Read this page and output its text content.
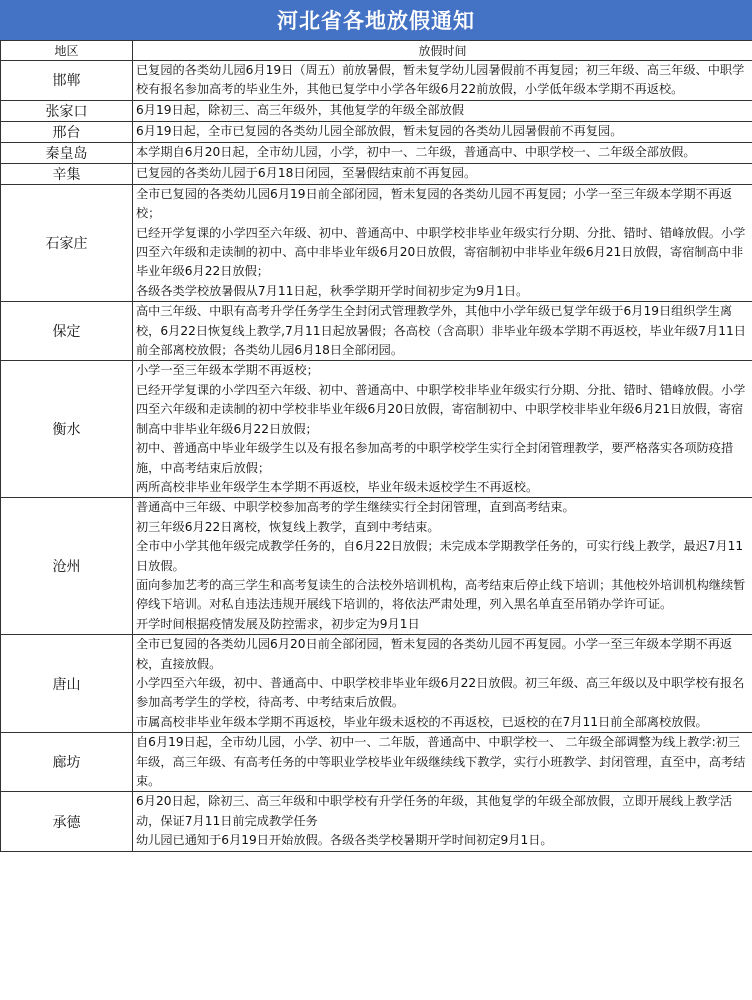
河北省各地放假通知
地区	放假时间
邯郸	已复园的各类幼儿园6月19日（周五）前放暑假，暂未复学幼儿园暑假前不再复园；初三年级、高三年级、中职学校有报名参加高考的毕业生外，其他已复学中小学各年级6月22前放假，小学低年级本学期不再返校。

张家口	6月19日起，除初三、高三年级外，其他复学的年级全部放假

邢台	6月19日起，全市已复园的各类幼儿园全部放假，暂未复园的各类幼儿园暑假前不再复园。

秦皇岛	本学期自6月20日起，全市幼儿园，小学，初中一、二年级，普通高中、中职学校一、二年级全部放假。

辛集	已复园的各类幼儿园于6月18日闭园，至暑假结束前不再复园。

石家庄	全市已复园的各类幼儿园6月19日前全部闭园，暂未复园的各类幼儿园不再复园；小学一至三年级本学期不再返校；
已经开学复课的小学四至六年级、初中、普通高中、中职学校非毕业年级实行分期、分批、错时、错峰放假。小学四至六年级和走读制的初中、高中非毕业年级6月20日放假，寄宿制初中非毕业年级6月21日放假，寄宿制高中非毕业年级6月22日放假；
各级各类学校放暑假从7月11日起，秋季学期开学时间初步定为9月1日。

保定	高中三年级、中职有高考升学任务学生全封闭式管理教学外，其他中小学年级已复学年级于6月19日组织学生离校，6月22日恢复线上教学,7月11日起放暑假；各高校（含高职）非毕业年级本学期不再返校，毕业年级7月11日前全部离校放假；各类幼儿园6月18日全部闭园。

衡水	小学一至三年级本学期不再返校；
已经开学复课的小学四至六年级、初中、普通高中、中职学校非毕业年级实行分期、分批、错时、错峰放假。小学四至六年级和走读制的初中学校非毕业年级6月20日放假，寄宿制初中、中职学校非毕业年级6月21日放假，寄宿制高中非毕业年级6月22日放假；
初中、普通高中毕业年级学生以及有报名参加高考的中职学校学生实行全封闭管理教学，要严格落实各项防疫措施，中高考结束后放假；
两所高校非毕业年级学生本学期不再返校，毕业年级未返校学生不再返校。

沧州	普通高中三年级、中职学校参加高考的学生继续实行全封闭管理，直到高考结束。
初三年级6月22日离校，恢复线上教学，直到中考结束。
全市中小学其他年级完成教学任务的，自6月22日放假；未完成本学期教学任务的，可实行线上教学，最迟7月11日放假。
面向参加艺考的高三学生和高考复读生的合法校外培训机构，高考结束后停止线下培训；其他校外培训机构继续暂停线下培训。对私自违法违规开展线下培训的，将依法严肃处理，列入黑名单直至吊销办学许可证。
开学时间根据疫情发展及防控需求，初步定为9月1日

唐山	全市已复园的各类幼儿园6月20日前全部闭园，暂未复园的各类幼儿园不再复园。小学一至三年级本学期不再返校，直接放假。
小学四至六年级，初中、普通高中、中职学校非毕业年级6月22日放假。初三年级、高三年级以及中职学校有报名参加高考学生的学校，待高考、中考结束后放假。
市属高校非毕业年级本学期不再返校，毕业年级未返校的不再返校，已返校的在7月11日前全部离校放假。

廊坊	自6月19日起，全市幼儿园，小学、初中一、二年版，普通高中、中职学校一、 二年级全部调整为线上教学:初三年级，高三年级、有高考任务的中等职业学校毕业年级继续线下教学，实行小班教学、封闭管理，直至中，高考结束。

承德	6月20日起，除初三、高三年级和中职学校有升学任务的年级，其他复学的年级全部放假，立即开展线上教学活动，保证7月11日前完成教学任务
幼儿园已通知于6月19日开始放假。各级各类学校暑期开学时间初定9月1日。
